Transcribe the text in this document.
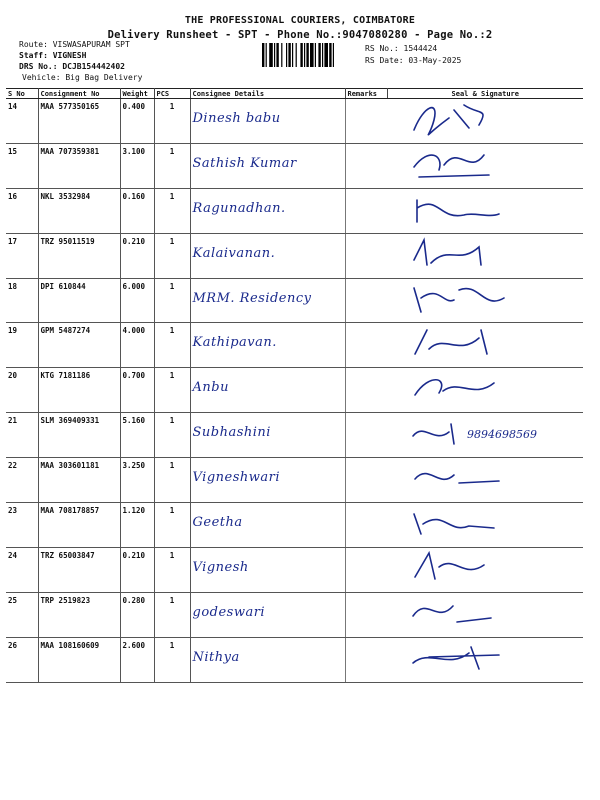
THE PROFESSIONAL COURIERS, COIMBATORE
Delivery Runsheet - SPT - Phone No.:9047080280 - Page No.:2
Route: VISWASAPURAM SPT
Staff: VIGNESH
DRS No.: DCJB154442402
Vehicle: Big Bag Delivery
RS No.: 1544424
RS Date: 03-May-2025
S No	Consignment No	Weight	PCS	Consignee Details	Remarks	Seal & Signature
14	MAA 577350165	0.400	1	Dinesh babu

15	MAA 707359381	3.100	1	Sathish Kumar

16	NKL 3532984	0.160	1	Ragunadhan.

17	TRZ 95011519	0.210	1	Kalaivanan.

18	DPI 610844	6.000	1	MRM. Residency

19	GPM 5487274	4.000	1	Kathipavan.

20	KTG 7181186	0.700	1	Anbu

21	SLM 369409331	5.160	1	Subhashini		9894698569

22	MAA 303601181	3.250	1	Vigneshwari

23	MAA 708178857	1.120	1	Geetha

24	TRZ 65003847	0.210	1	Vignesh

25	TRP 2519823	0.280	1	godeswari

26	MAA 108160609	2.600	1	Nithya
